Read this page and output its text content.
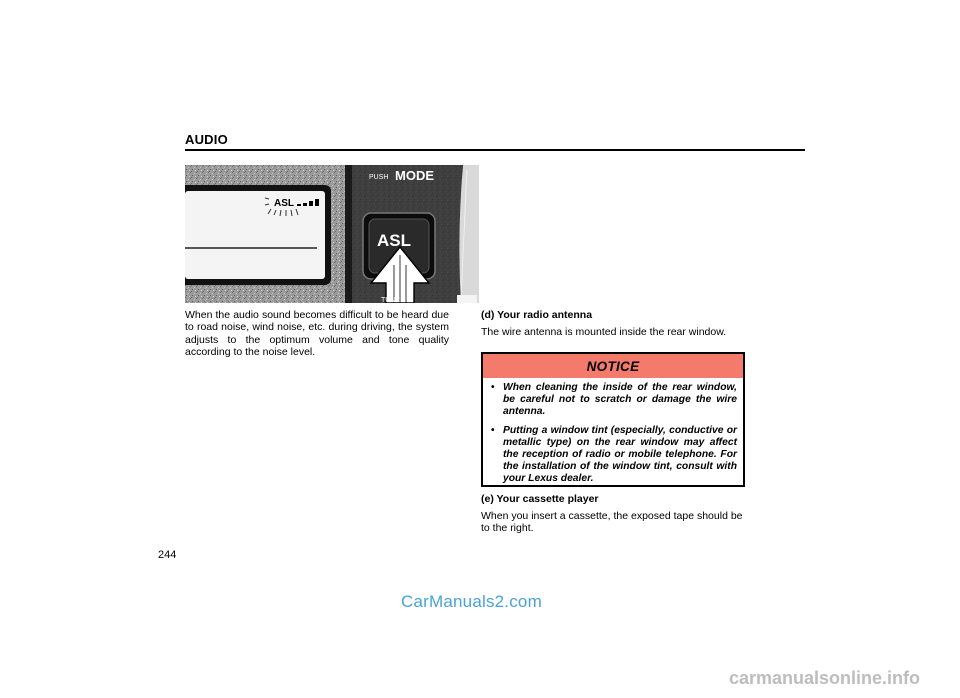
AUDIO
ASL
PUSH MODE
ASL
TUNE
When the audio sound becomes difficult to be heard due to road noise, wind noise, etc. during driving, the system adjusts to the optimum volume and tone quality according to the noise level.
(d) Your radio antenna
The wire antenna is mounted inside the rear window.
NOTICE
• When cleaning the inside of the rear window, be careful not to scratch or damage the wire antenna.
• Putting a window tint (especially, conductive or metallic type) on the rear window may affect the reception of radio or mobile telephone. For the installation of the window tint, consult with your Lexus dealer.
(e) Your cassette player
When you insert a cassette, the exposed tape should be to the right.
244
CarManuals2.com
carmanualsonline.info
